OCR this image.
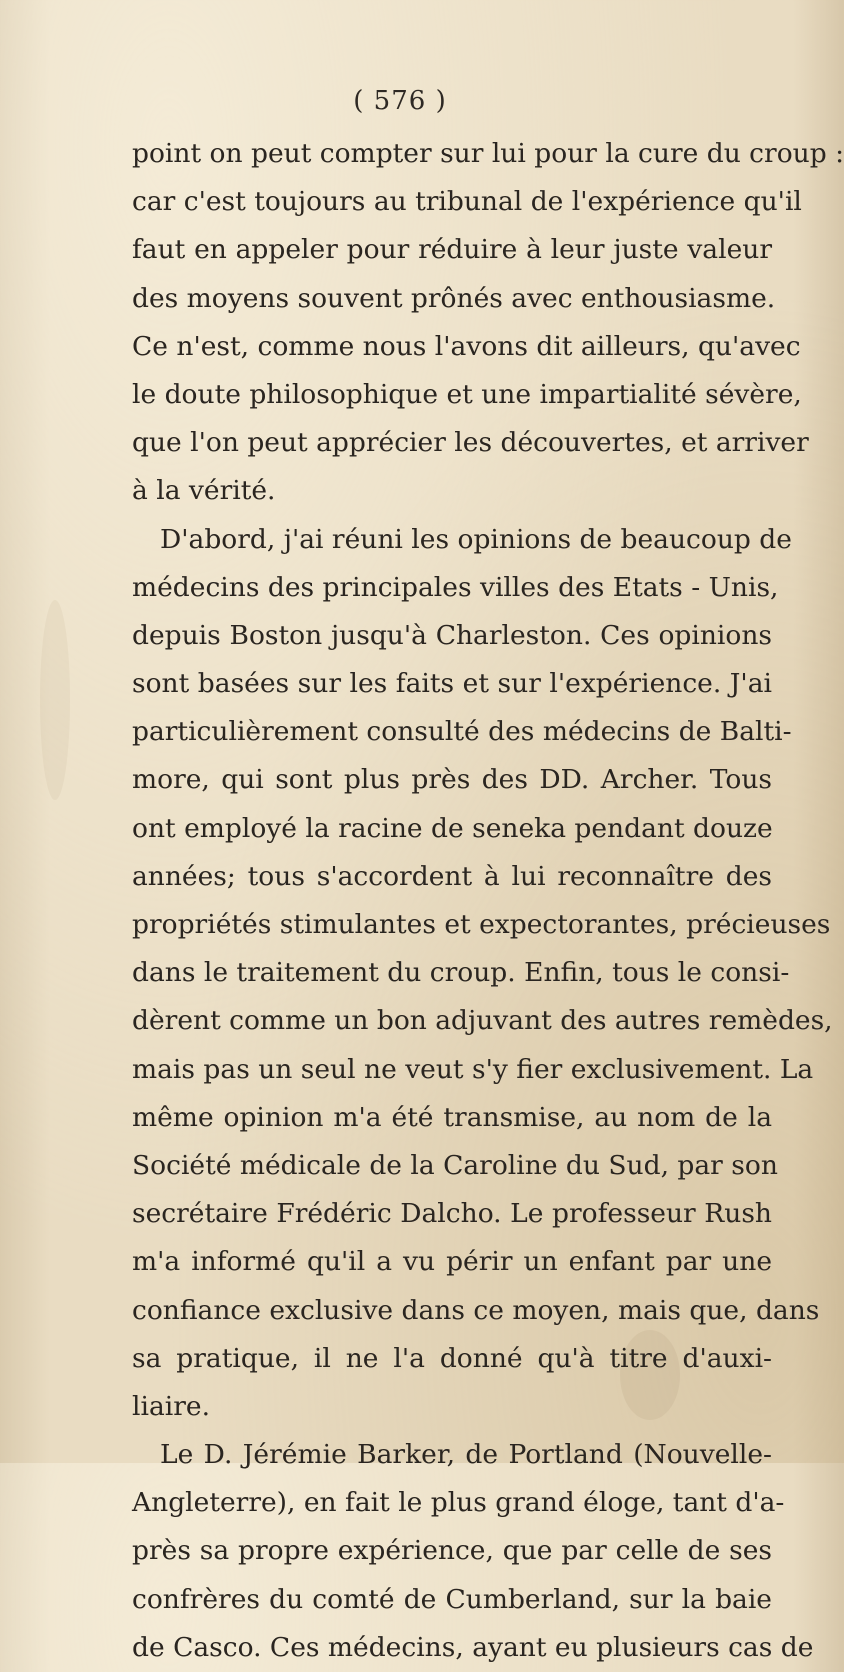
( 576 )
point on peut compter sur lui pour la cure du croup :
car c'est toujours au tribunal de l'expérience qu'il
faut en appeler pour réduire à leur juste valeur
des moyens souvent prônés avec enthousiasme.
Ce n'est, comme nous l'avons dit ailleurs, qu'avec
le doute philosophique et une impartialité sévère,
que l'on peut apprécier les découvertes, et arriver
à la vérité.
D'abord, j'ai réuni les opinions de beaucoup de
médecins des principales villes des Etats - Unis,
depuis Boston jusqu'à Charleston. Ces opinions
sont basées sur les faits et sur l'expérience. J'ai
particulièrement consulté des médecins de Balti-
more, qui sont plus près des DD. Archer. Tous
ont employé la racine de seneka pendant douze
années; tous s'accordent à lui reconnaître des
propriétés stimulantes et expectorantes, précieuses
dans le traitement du croup. Enfin, tous le consi-
dèrent comme un bon adjuvant des autres remèdes,
mais pas un seul ne veut s'y fier exclusivement. La
même opinion m'a été transmise, au nom de la
Société médicale de la Caroline du Sud, par son
secrétaire Frédéric Dalcho. Le professeur Rush
m'a informé qu'il a vu périr un enfant par une
confiance exclusive dans ce moyen, mais que, dans
sa pratique, il ne l'a donné qu'à titre d'auxi-
liaire.
Le D. Jérémie Barker, de Portland (Nouvelle-
Angleterre), en fait le plus grand éloge, tant d'a-
près sa propre expérience, que par celle de ses
confrères du comté de Cumberland, sur la baie
de Casco. Ces médecins, ayant eu plusieurs cas de
